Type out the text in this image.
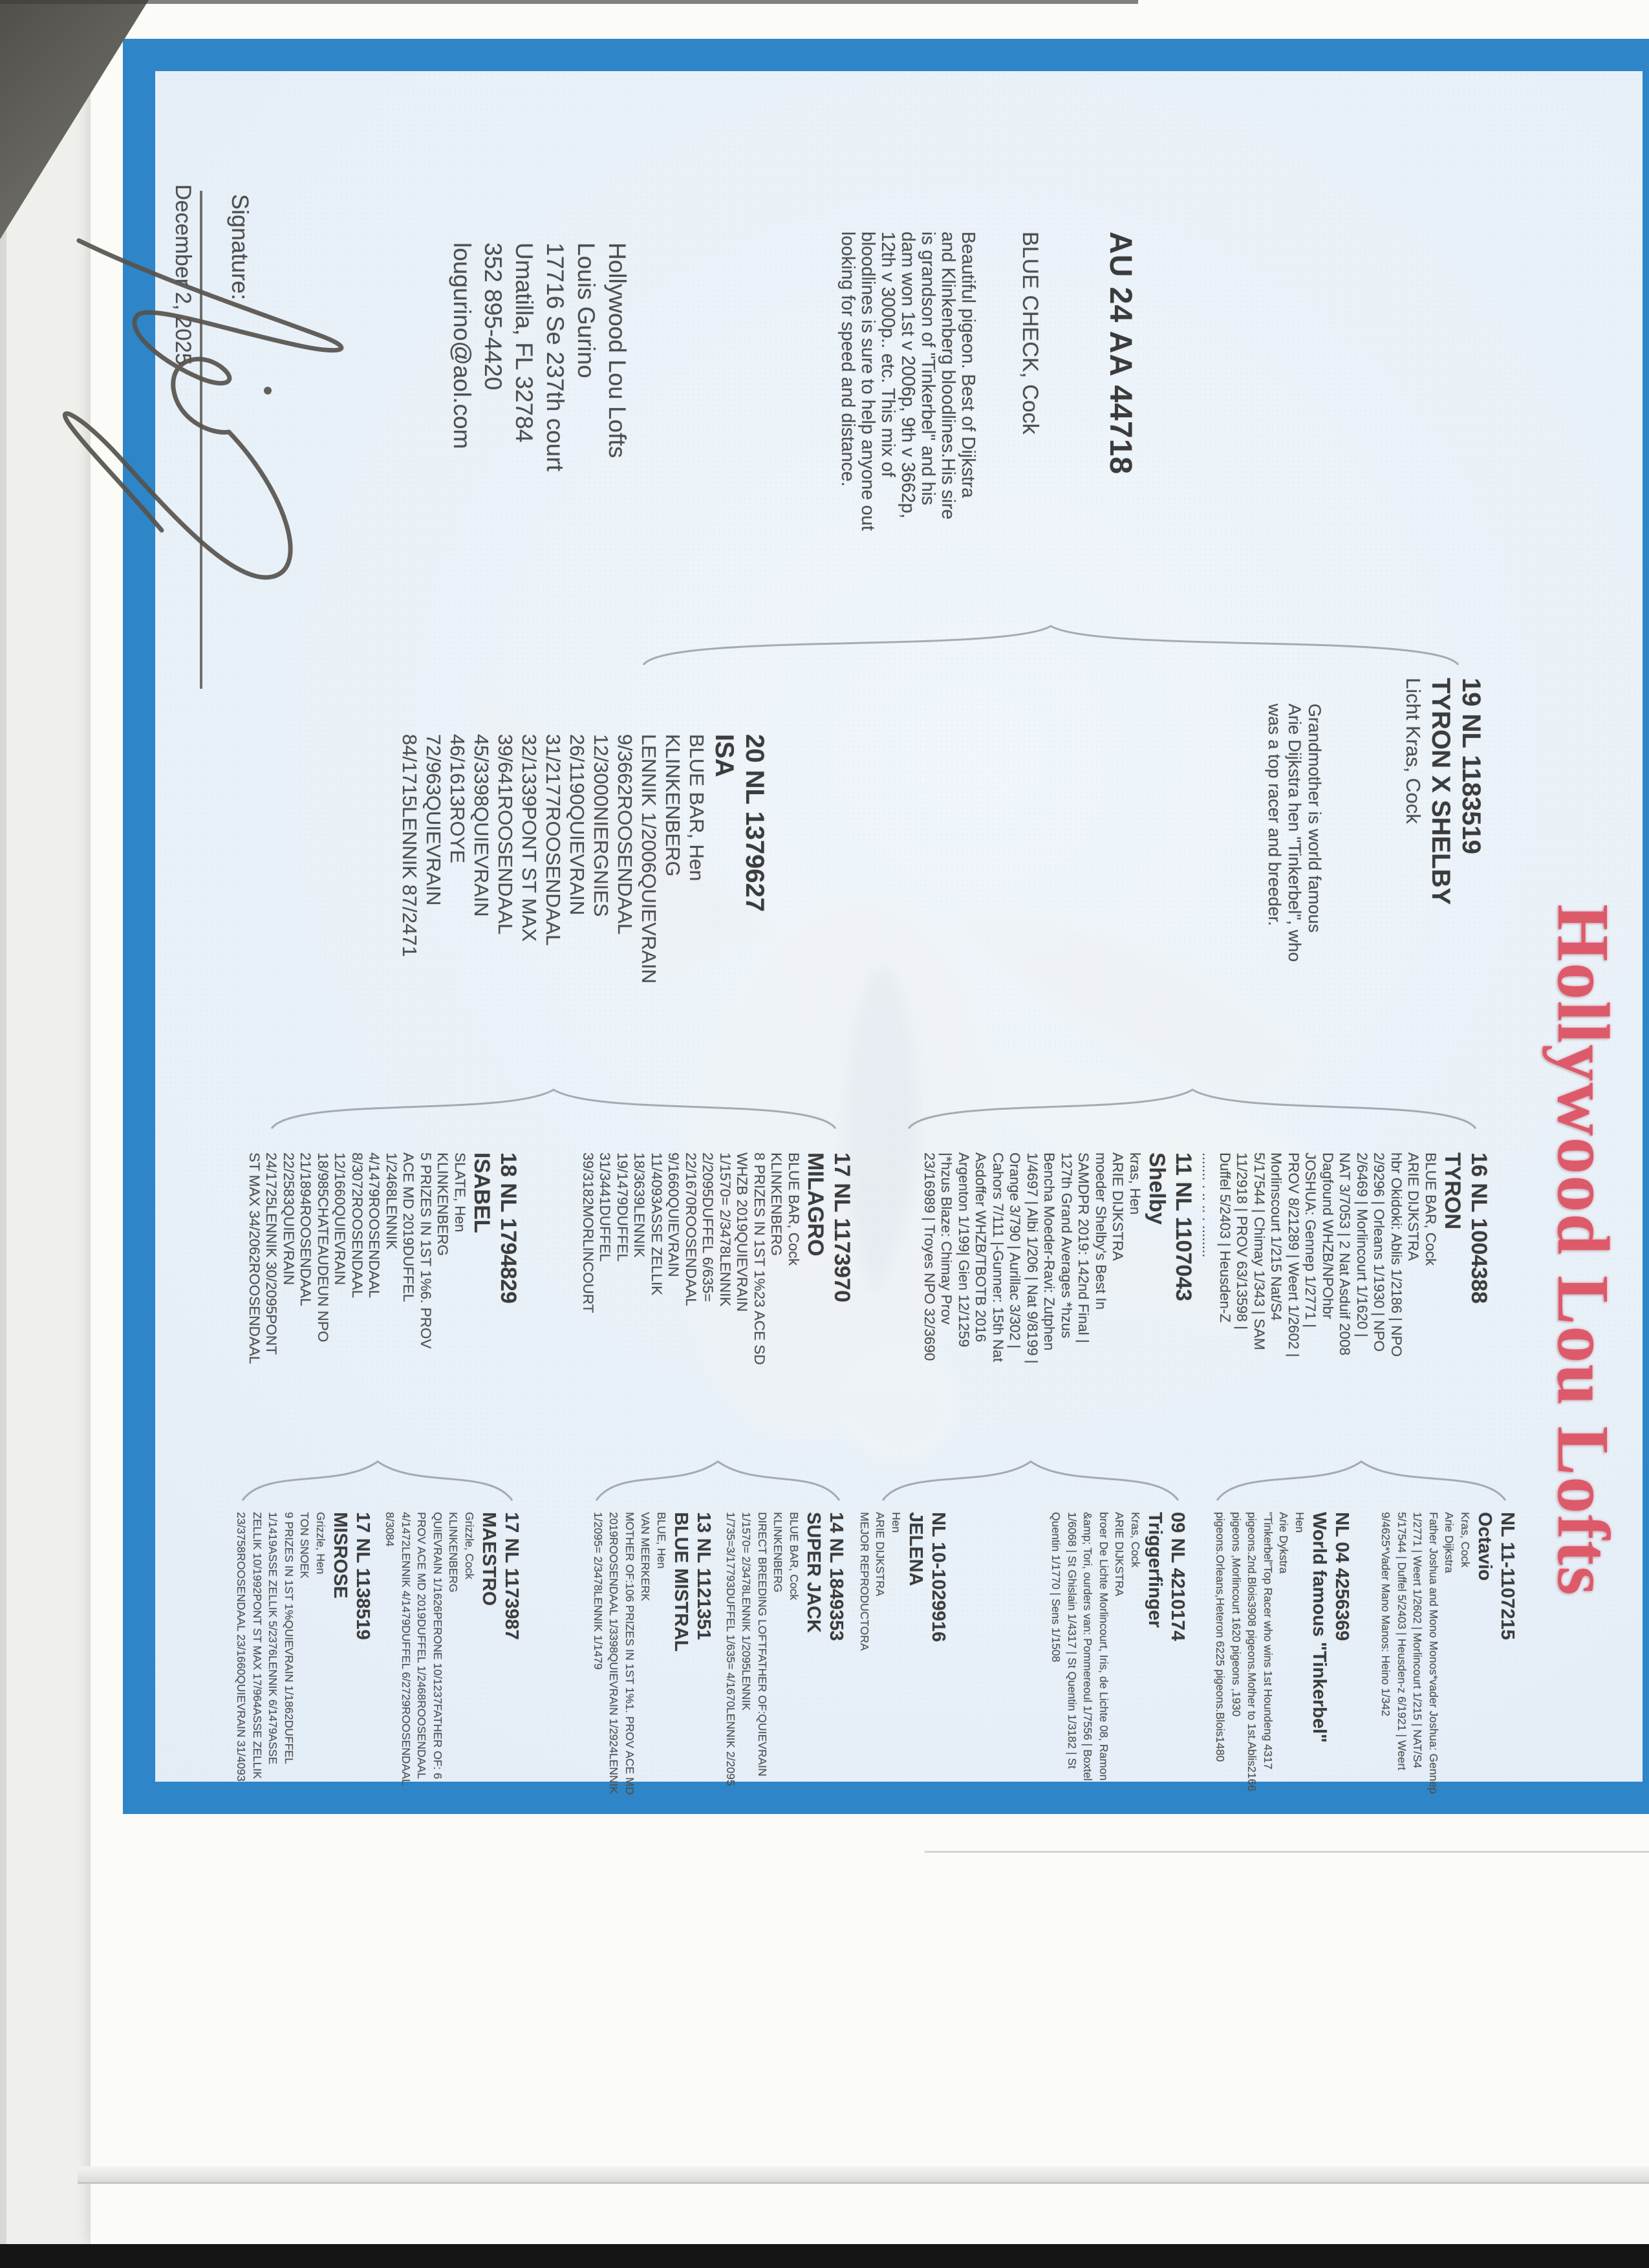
Hollywood Lou Lofts
AU 24 AA 44718
BLUE CHECK, Cock
Beautiful pigeon. Best of Dijkstra
and Klinkenberg bloodlines.His sire
is grandson of "Tinkerbel" and his
dam won 1st v 2006p, 9th v 3662p,
12th v 3000p.. etc. This mix of
bloodlines is sure to help anyone out
looking for speed and distance.
19 NL 1183519
TYRON X SHELBY
Licht Kras, Cock
Grandmother is world famous
Arie Dijkstra hen "Tinkerbel", who
was a top racer and breeder.
20 NL 1379627
ISA
BLUE BAR, Hen
KLINKENBERG
LENNIK 1/2006QUIEVRAIN
9/3662ROOSENDAAL
12/3000NIERGNIES
26/1190QUIEVRAIN
31/2177ROOSENDAAL
32/1339PONT ST MAX
39/641ROOSENDAAL
45/3398QUIEVRAIN
46/1613ROYE
72/963QUIEVRAIN
84/1715LENNIK 87/2471
16 NL 1004388
TYRON
BLUE BAR, Cock
ARIE DIJKSTRA
hbr Okidoki: Ablis 1/2186 | NPO
2/9296 | Orleans 1/1930 | NPO
2/6469 | Morlincourt 1/1620 |
NAT 3/7053 | 2 Nat Asduif 2008
Dagfound WHZB/NPOhbr
JOSHUA: Gennep 1/2771 |
PROV 8/21289 | Weert 1/2602 |
Morlinscourt 1/215 Nat/S4
5/17544 | Chimay 1/343 | SAM
11/2918 | PROV 63/13598 |
Duffel 5/2403 | Heusden-Z
....... . .. .. . ........
11 NL 1107043
Shelby
kras, Hen
ARIE DIJKSTRA
moeder Shelby's Best In
SAMDPR 2019: 142nd Final |
127th Grand Averages *hzus
Bencha Moeder-Ravi: Zutphen
1/4697 | Albi 1/206 | Nat 9/8199 |
Orange 3/790 | Aurillac 3/302 |
Cahors 7/111 |-Gunner: 15th Nat
Asdoffer WHZB/TBOTB 2016
Argenton 1/199| Gien 12/1259
|*hzus Blaze: Chimay Prov
23/16989 | Troyes NPO 32/3690
17 NL 1173970
MILAGRO
BLUE BAR, Cock
KLINKENBERG
8 PRIZES IN 1ST 1%23 ACE SD
WHZB 2019QUIEVRAIN
1/1570= 2/3478LENNIK
2/2095DUFFEL 6/635=
22/1670ROOSENDAAL
9/1660QUIEVRAIN
11/4093ASSE ZELLIK
18/3639LENNIK
19/1479DUFFEL
31/3441DUFFEL
39/3182MORLINCOURT
18 NL 1794829
ISABEL
SLATE, Hen
KLINKENBERG
5 PRIZES IN 1ST 1%6. PROV
ACE MD 2019DUFFEL
1/2468LENNIK
4/1479ROOSENDAAL
8/3072ROOSENDAAL
12/1660QUIEVRAIN
18/985CHATEAUDEUN NPO
21/1894ROOSENDAAL
22/2583QUIEVRAIN
24/1725LENNIK 30/2095PONT
ST MAX 34/2062ROOSENDAAL
NL 11-1107215
Octavio
Kras, Cock
Arie Dijkstra
Father Joshua and Mono Monos*vader Joshua: Gennep
1/2771 | Weert 1/2602 | Morlincourt 1/215 | NAT/S4
5/17544 | Duffel 5/2403 | Heusden-z 6/1921 | Weert
9/4625*Vader Mano Manos: Heino 1/342
NL 04 4256369
World famous "Tinkerbel"
Hen
Arie Dykstra
"Tinkerbel"Top Racer who wins 1st Houndeng 4317
pigeons.2nd.Blois3908 pigeons.Mother to 1st.Ablis2166
pigeons ,Morlincourt 1620 pigeons ,1930
pigeons.Orleans,Heteron 6225 pigeons.Blois1480
09 NL 4210174
Triggerfinger
Kras, Cock
ARIE DIJKSTRA
broer De Lichte Morlincourt, Iris, de Lichte 08, Ramon
&amp; Tori, ourders van: Pommereoul 1/7556 | Boxtel
1/6068 | St Ghislain 1/4317 | St Quentin 1/3182 | St
Quentin 1/1770 | Sens 1/1508
NL 10-1029916
JELENA
Hen
ARIE DIJKSTRA
MEJOR REPRODUCTORA
14 NL 1849353
SUPER JACK
BLUE BAR, Cock
KLINKENBERG
DIRECT BREEDING LOFTFATHER OF:QUIEVRAIN
1/1570= 2/3478LENNIK 1/2095LENNIK
1/735=3/17793DUFFEL 1/635= 4/1670LENNIK 2/2095
13 NL 1121351
BLUE MISTRAL
BLUE, Hen
VAN MEERKERK
MOTHER OF:106 PRIZES IN 1ST 1%1. PROV ACE MD
2019ROOSENDAAL 1/3398QUIEVRAIN 1/2924LENNIK
1/2095= 2/3478LENNIK 1/1479
17 NL 1173987
MAESTRO
Grizzle, Cock
KLINKENBERG
QUIEVRAIN 1/1626PERONE 10/1237FATHER OF: 6
PROV ACE MD 2019DUFFEL 1/2468ROOSENDAAL
4/1472LENNIK 4/1479DUFFEL 6/2729ROOSENDAAL
8/3084
17 NL 1138519
MISROSE
Grizzle, Hen
TON SNOEK
9 PRIZES IN 1ST 1%QUIEVRAIN 1/1862DUFFEL
1/1419ASSE ZELLIK 5/2376LENNIK 6/1479ASSE
ZELLIK 10/1992PONT ST MAX 17/964ASSE ZELLIK
23/3758ROOSENDAAL 23/1660QUIEVRAIN 31/4093
Hollywood Lou Lofts
Louis Gurino
17716 Se 237th court
Umatilla, FL 32784
352 895-4420
lougurino@aol.com
Signature:
December 2, 2025
